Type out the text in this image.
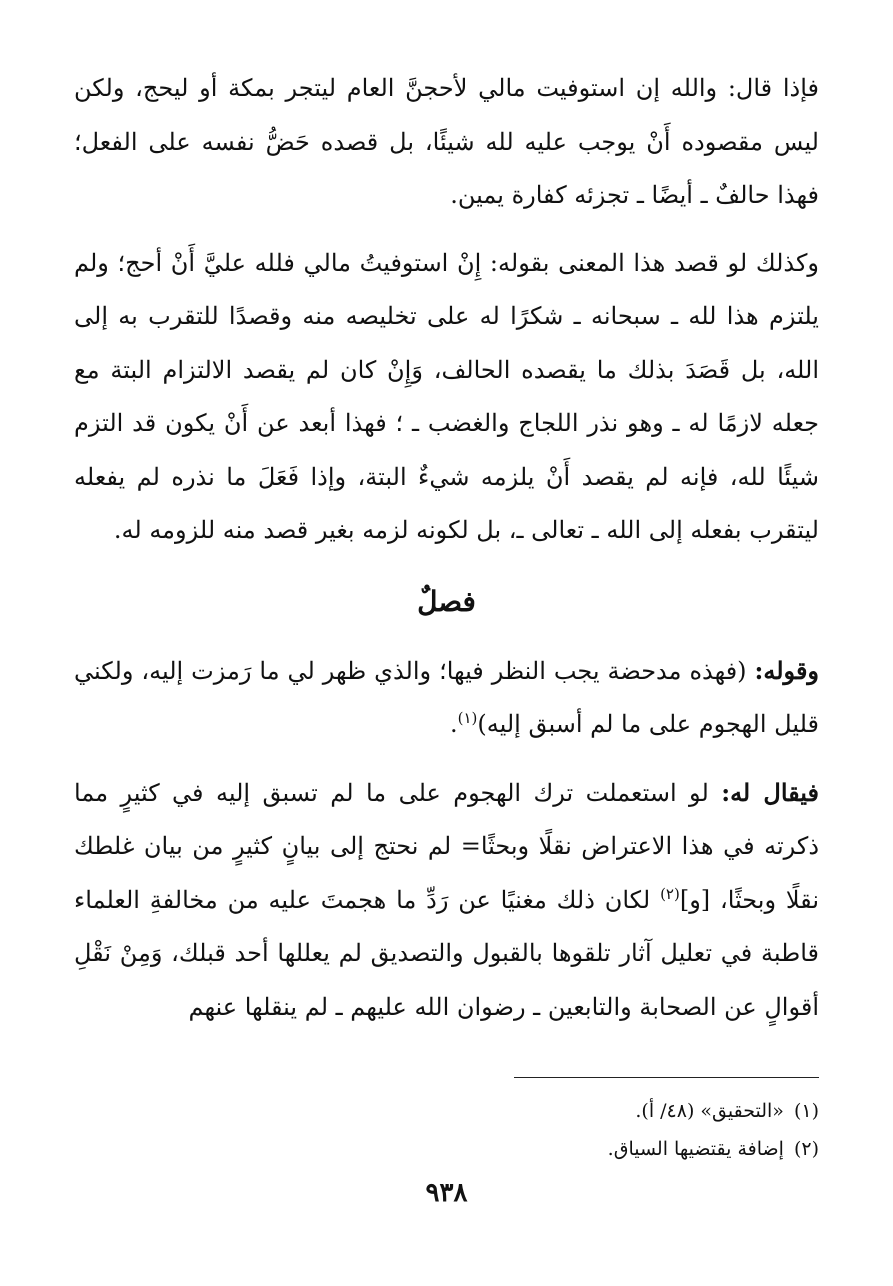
فإذا قال: والله إن استوفيت مالي لأحجنَّ العام ليتجر بمكة أو ليحج، ولكن ليس مقصوده أَنْ يوجب عليه لله شيئًا، بل قصده حَضُّ نفسه على الفعل؛ فهذا حالفٌ ـ أيضًا ـ تجزئه كفارة يمين.

وكذلك لو قصد هذا المعنى بقوله: إِنْ استوفيتُ مالي فلله عليَّ أَنْ أحج؛ ولم يلتزم هذا لله ـ سبحانه ـ شكرًا له على تخليصه منه وقصدًا للتقرب به إلى الله، بل قَصَدَ بذلك ما يقصده الحالف، وَإِنْ كان لم يقصد الالتزام البتة مع جعله لازمًا له ـ وهو نذر اللجاج والغضب ـ ؛ فهذا أبعد عن أَنْ يكون قد التزم شيئًا لله، فإنه لم يقصد أَنْ يلزمه شيءٌ البتة، وإذا فَعَلَ ما نذره لم يفعله ليتقرب بفعله إلى الله ـ تعالى ـ، بل لكونه لزمه بغير قصد منه للزومه له.

فصلٌ

وقوله: (فهذه مدحضة يجب النظر فيها؛ والذي ظهر لي ما رَمزت إليه، ولكني قليل الهجوم على ما لم أسبق إليه)$^{(١)}$.

فيقال له: لو استعملت ترك الهجوم على ما لم تسبق إليه في كثيرٍ مما ذكرته في هذا الاعتراض نقلًا وبحثًا= لم نحتج إلى بيانٍ كثيرٍ من بيان غلطك نقلًا وبحثًا، [و]$^{(٢)}$ لكان ذلك مغنيًا عن رَدِّ ما هجمتَ عليه من مخالفةِ العلماء قاطبة في تعليل آثار تلقوها بالقبول والتصديق لم يعللها أحد قبلك، وَمِنْ نَقْلِ أقوالٍ عن الصحابة والتابعين ـ رضوان الله عليهم ـ لم ينقلها عنهم

(١)«التحقيق» (٤٨/ أ).
(٢)إضافة يقتضيها السياق.
٩٣٨
